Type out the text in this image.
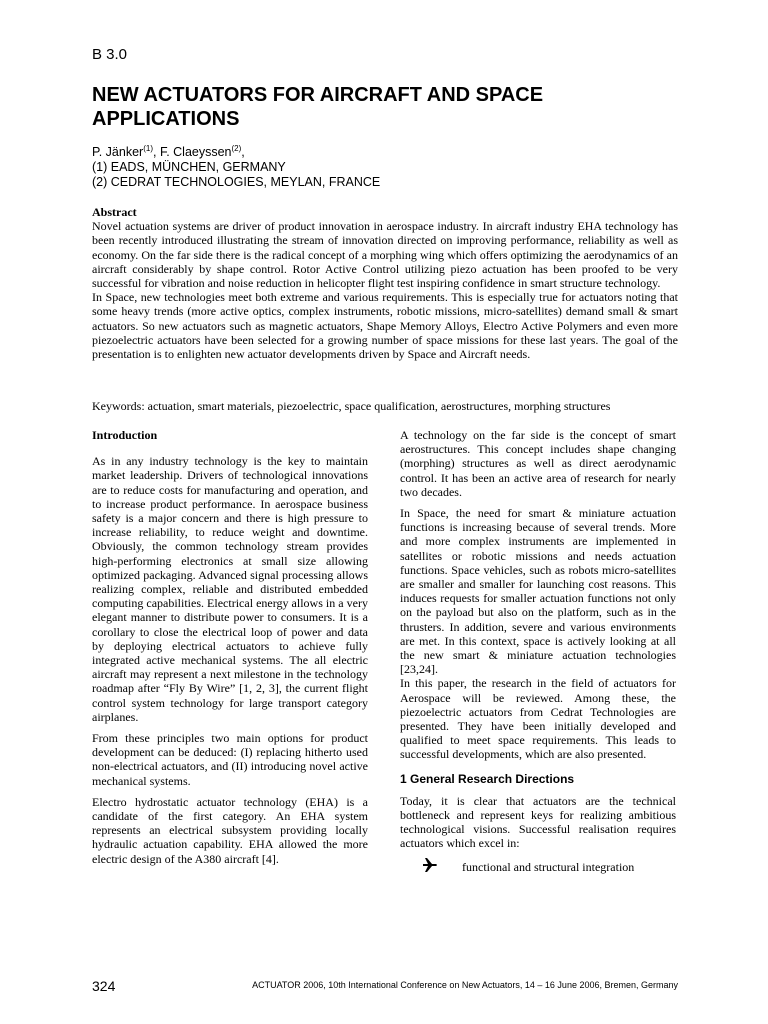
B 3.0
NEW ACTUATORS FOR AIRCRAFT AND SPACE APPLICATIONS
P. Jänker$^{(1)}$, F. Claeyssen$^{(2)}$,
(1) EADS, MÜNCHEN, GERMANY
(2) CEDRAT TECHNOLOGIES, MEYLAN, FRANCE
Abstract

Novel actuation systems are driver of product innovation in aerospace industry. In aircraft industry EHA technology has been recently introduced illustrating the stream of innovation directed on improving performance, reliability as well as economy. On the far side there is the radical concept of a morphing wing which offers optimizing the aerodynamics of an aircraft considerably by shape control. Rotor Active Control utilizing piezo actuation has been proofed to be very successful for vibration and noise reduction in helicopter flight test inspiring confidence in smart structure technology.

In Space, new technologies meet both extreme and various requirements. This is especially true for actuators noting that some heavy trends (more active optics, complex instruments, robotic missions, micro-satellites) demand small & smart actuators. So new actuators such as magnetic actuators, Shape Memory Alloys, Electro Active Polymers and even more piezoelectric actuators have been selected for a growing number of space missions for these last years. The goal of the presentation is to enlighten new actuator developments driven by Space and Aircraft needs.

Keywords: actuation, smart materials, piezoelectric, space qualification, aerostructures, morphing structures
Introduction

As in any industry technology is the key to maintain market leadership. Drivers of technological innovations are to reduce costs for manufacturing and operation, and to increase product performance. In aerospace business safety is a major concern and there is high pressure to increase reliability, to reduce weight and downtime. Obviously, the common technology stream provides high-performing electronics at small size allowing optimized packaging. Advanced signal processing allows realizing complex, reliable and distributed embedded computing capabilities. Electrical energy allows in a very elegant manner to distribute power to consumers. It is a corollary to close the electrical loop of power and data by deploying electrical actuators to achieve fully integrated active mechanical systems. The all electric aircraft may represent a next milestone in the technology roadmap after “Fly By Wire” [1, 2, 3], the current flight control system technology for large transport category airplanes.

From these principles two main options for product development can be deduced: (I) replacing hitherto used non-electrical actuators, and (II) introducing novel active mechanical systems.

Electro hydrostatic actuator technology (EHA) is a candidate of the first category. An EHA system represents an electrical subsystem providing locally hydraulic actuation capability. EHA allowed the more electric design of the A380 aircraft [4].

A technology on the far side is the concept of smart aerostructures. This concept includes shape changing (morphing) structures as well as direct aerodynamic control. It has been an active area of research for nearly two decades.

In Space, the need for smart & miniature actuation functions is increasing because of several trends. More and more complex instruments are implemented in satellites or robotic missions and needs actuation functions. Space vehicles, such as robots micro-satellites are smaller and smaller for launching cost reasons. This induces requests for smaller actuation functions not only on the payload but also on the platform, such as in the thrusters. In addition, severe and various environments are met. In this context, space is actively looking at all the new smart & miniature actuation technologies [23,24].

In this paper, the research in the field of actuators for Aerospace will be reviewed. Among these, the piezoelectric actuators from Cedrat Technologies are presented. They have been initially developed and qualified to meet space requirements. This leads to successful developments, which are also presented.

1 General Research Directions

Today, it is clear that actuators are the technical bottleneck and represent keys for realizing ambitious technological visions. Successful realisation requires actuators which excel in:

functional and structural integration
324	ACTUATOR 2006, 10th International Conference on New Actuators, 14 – 16 June 2006, Bremen, Germany
